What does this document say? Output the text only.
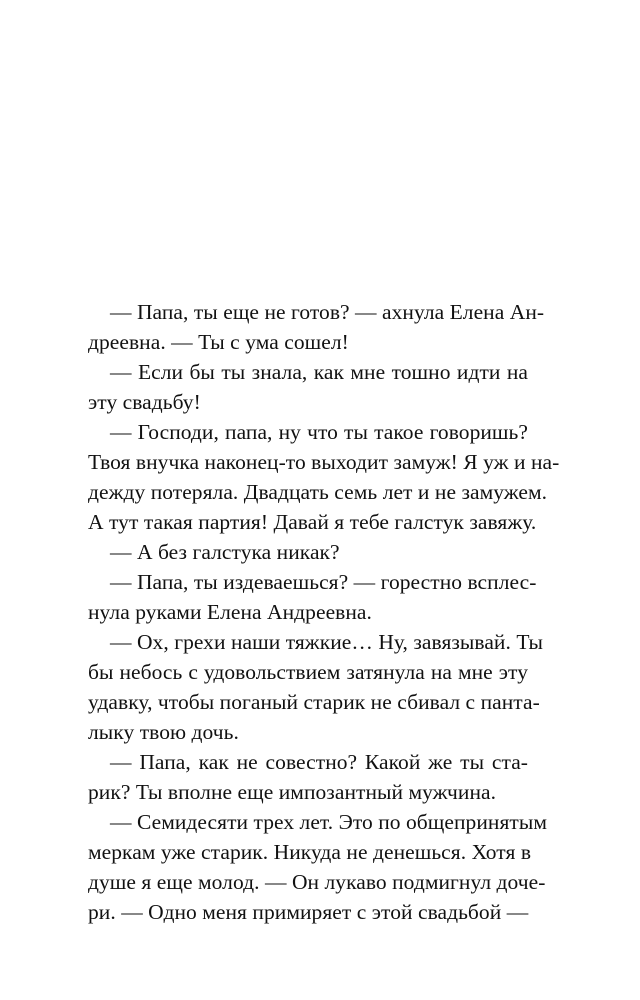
— Папа, ты еще не готов? — ахнула Елена Ан-
дреевна. — Ты с ума сошел!
— Если бы ты знала, как мне тошно идти на
эту свадьбу!
— Господи, папа, ну что ты такое говоришь?
Твоя внучка наконец-то выходит замуж! Я уж и на-
дежду потеряла. Двадцать семь лет и не замужем.
А тут такая партия! Давай я тебе галстук завяжу.
— А без галстука никак?
— Папа, ты издеваешься? — горестно всплес-
нула руками Елена Андреевна.
— Ох, грехи наши тяжкие… Ну, завязывай. Ты
бы небось с удовольствием затянула на мне эту
удавку, чтобы поганый старик не сбивал с панта-
лыку твою дочь.
— Папа, как не совестно? Какой же ты ста-
рик? Ты вполне еще импозантный мужчина.
— Семидесяти трех лет. Это по общепринятым
меркам уже старик. Никуда не денешься. Хотя в
душе я еще молод. — Он лукаво подмигнул доче-
ри. — Одно меня примиряет с этой свадьбой —
